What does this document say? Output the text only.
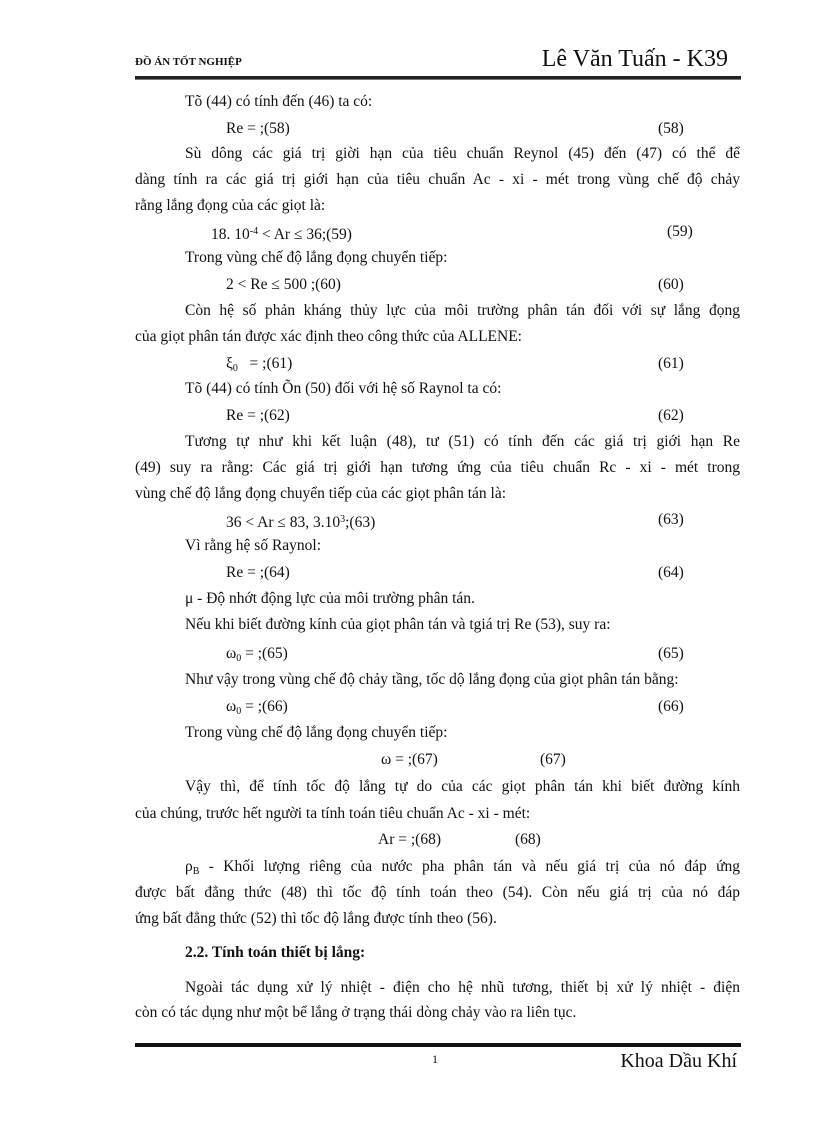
ĐỒ ÁN TỐT NGHIỆP	Lê Văn Tuấn - K39
Tõ (44) có tính đến (46) ta có:
Re = ;(58)	(58)
Sù dông các giá trị giời hạn của tiêu chuẩn Reynol (45) đến (47) có thể để
dàng tính ra các giá trị giới hạn của tiêu chuẩn Ac - xi - mét trong vùng chế độ chảy
rằng lắng đọng của các giọt là:
18. $10^{-4} < Ar$ ≤ 36;(59)	(59)
Trong vùng chế độ lắng đọng chuyển tiếp:
2 < Re ≤ 500 ;(60)	(60)
Còn hệ số phản kháng thủy lực của môi trường phân tán đối với sự lắng đọng
của giọt phân tán được xác định theo công thức của ALLENE:
$\xi_0$   = ;(61)	(61)
Tõ (44) có tính Õn (50) đối với hệ số Raynol ta có:
Re = ;(62)	(62)
Tương tự như khi kết luận (48), tư (51) có tính đến các giá trị giới hạn Re
(49) suy ra rằng: Các giá trị giới hạn tương ứng của tiêu chuẩn Rc - xi - mét trong
vùng chế độ lắng đọng chuyển tiếp của các giọt phân tán là:
36 < Ar ≤ 83, 3.10$^3$;(63)	(63)
Vì rằng hệ số Raynol:
Re = ;(64)	(64)
μ - Độ nhớt động lực của môi trường phân tán.
Nếu khi biết đường kính của giọt phân tán và tgiá trị Re (53), suy ra:
$\omega_0$ = ;(65)	(65)
Như vậy trong vùng chế độ chảy tầng, tốc dộ lắng đọng của giọt phân tán bằng:
$\omega_0$ = ;(66)	(66)
Trong vùng chế độ lắng đọng chuyển tiếp:
ω = ;(67)	(67)
Vậy thì, để tính tốc độ lắng tự do của các giọt phân tán khi biết đường kính
của chúng, trước hết người ta tính toán tiêu chuẩn Ac - xi - mét:
Ar = ;(68)	(68)
$\rho_B$ - Khối lượng riêng của nước pha phân tán và nếu giá trị của nó đáp ứng
được bất đẳng thức (48) thì tốc độ tính toán theo (54). Còn nếu giá trị của nó đáp
ứng bất đẳng thức (52) thì tốc độ lắng được tính theo (56).
2.2. Tính toán thiết bị lắng:
Ngoài tác dụng xử lý nhiệt - điện cho hệ nhũ tương, thiết bị xử lý nhiệt - điện
còn có tác dụng như một bể lắng ở trạng thái dòng chảy vào ra liên tục.
1	Khoa Dầu Khí
